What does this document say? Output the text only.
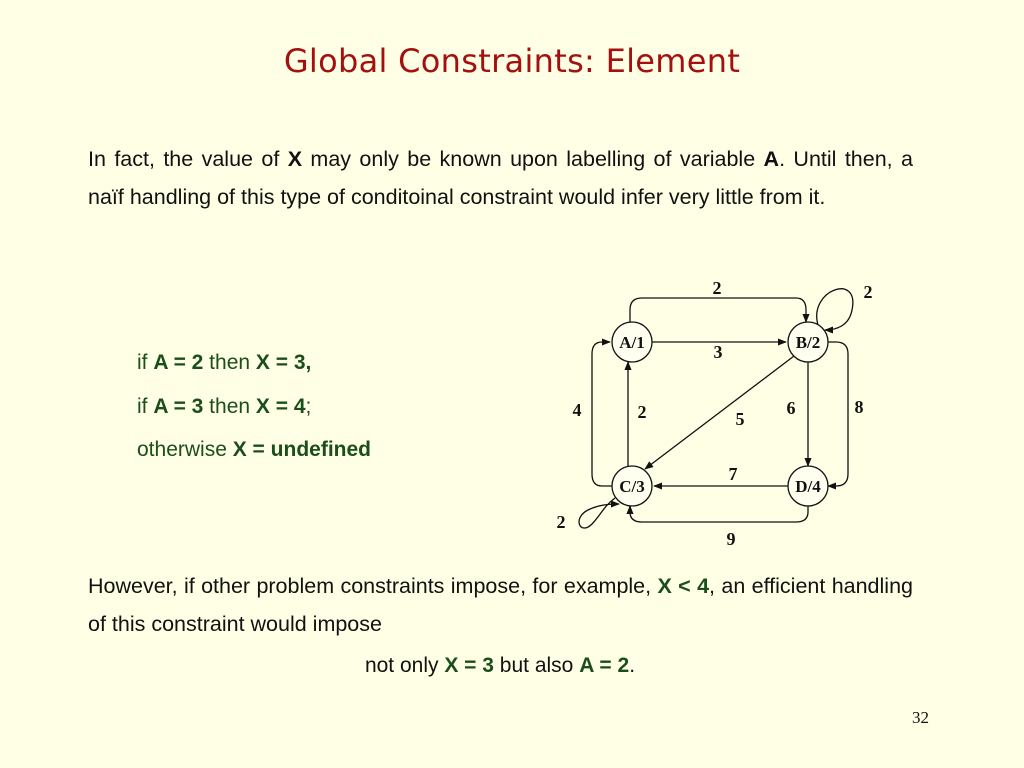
Global Constraints: Element
In fact, the value of X may only be known upon labelling of variable A. Until then, a naïf handling of this type of conditoinal constraint would infer very little from it.
if A = 2 then X = 3,
if A = 3 then X = 4;
otherwise X = undefined
A/1	B/2
C/3	D/4
2	2
3
4	2	5
6	8
7
2
9
However, if other problem constraints impose, for example, X < 4, an efficient handling of this constraint would impose
not only X = 3 but also A = 2.
32
